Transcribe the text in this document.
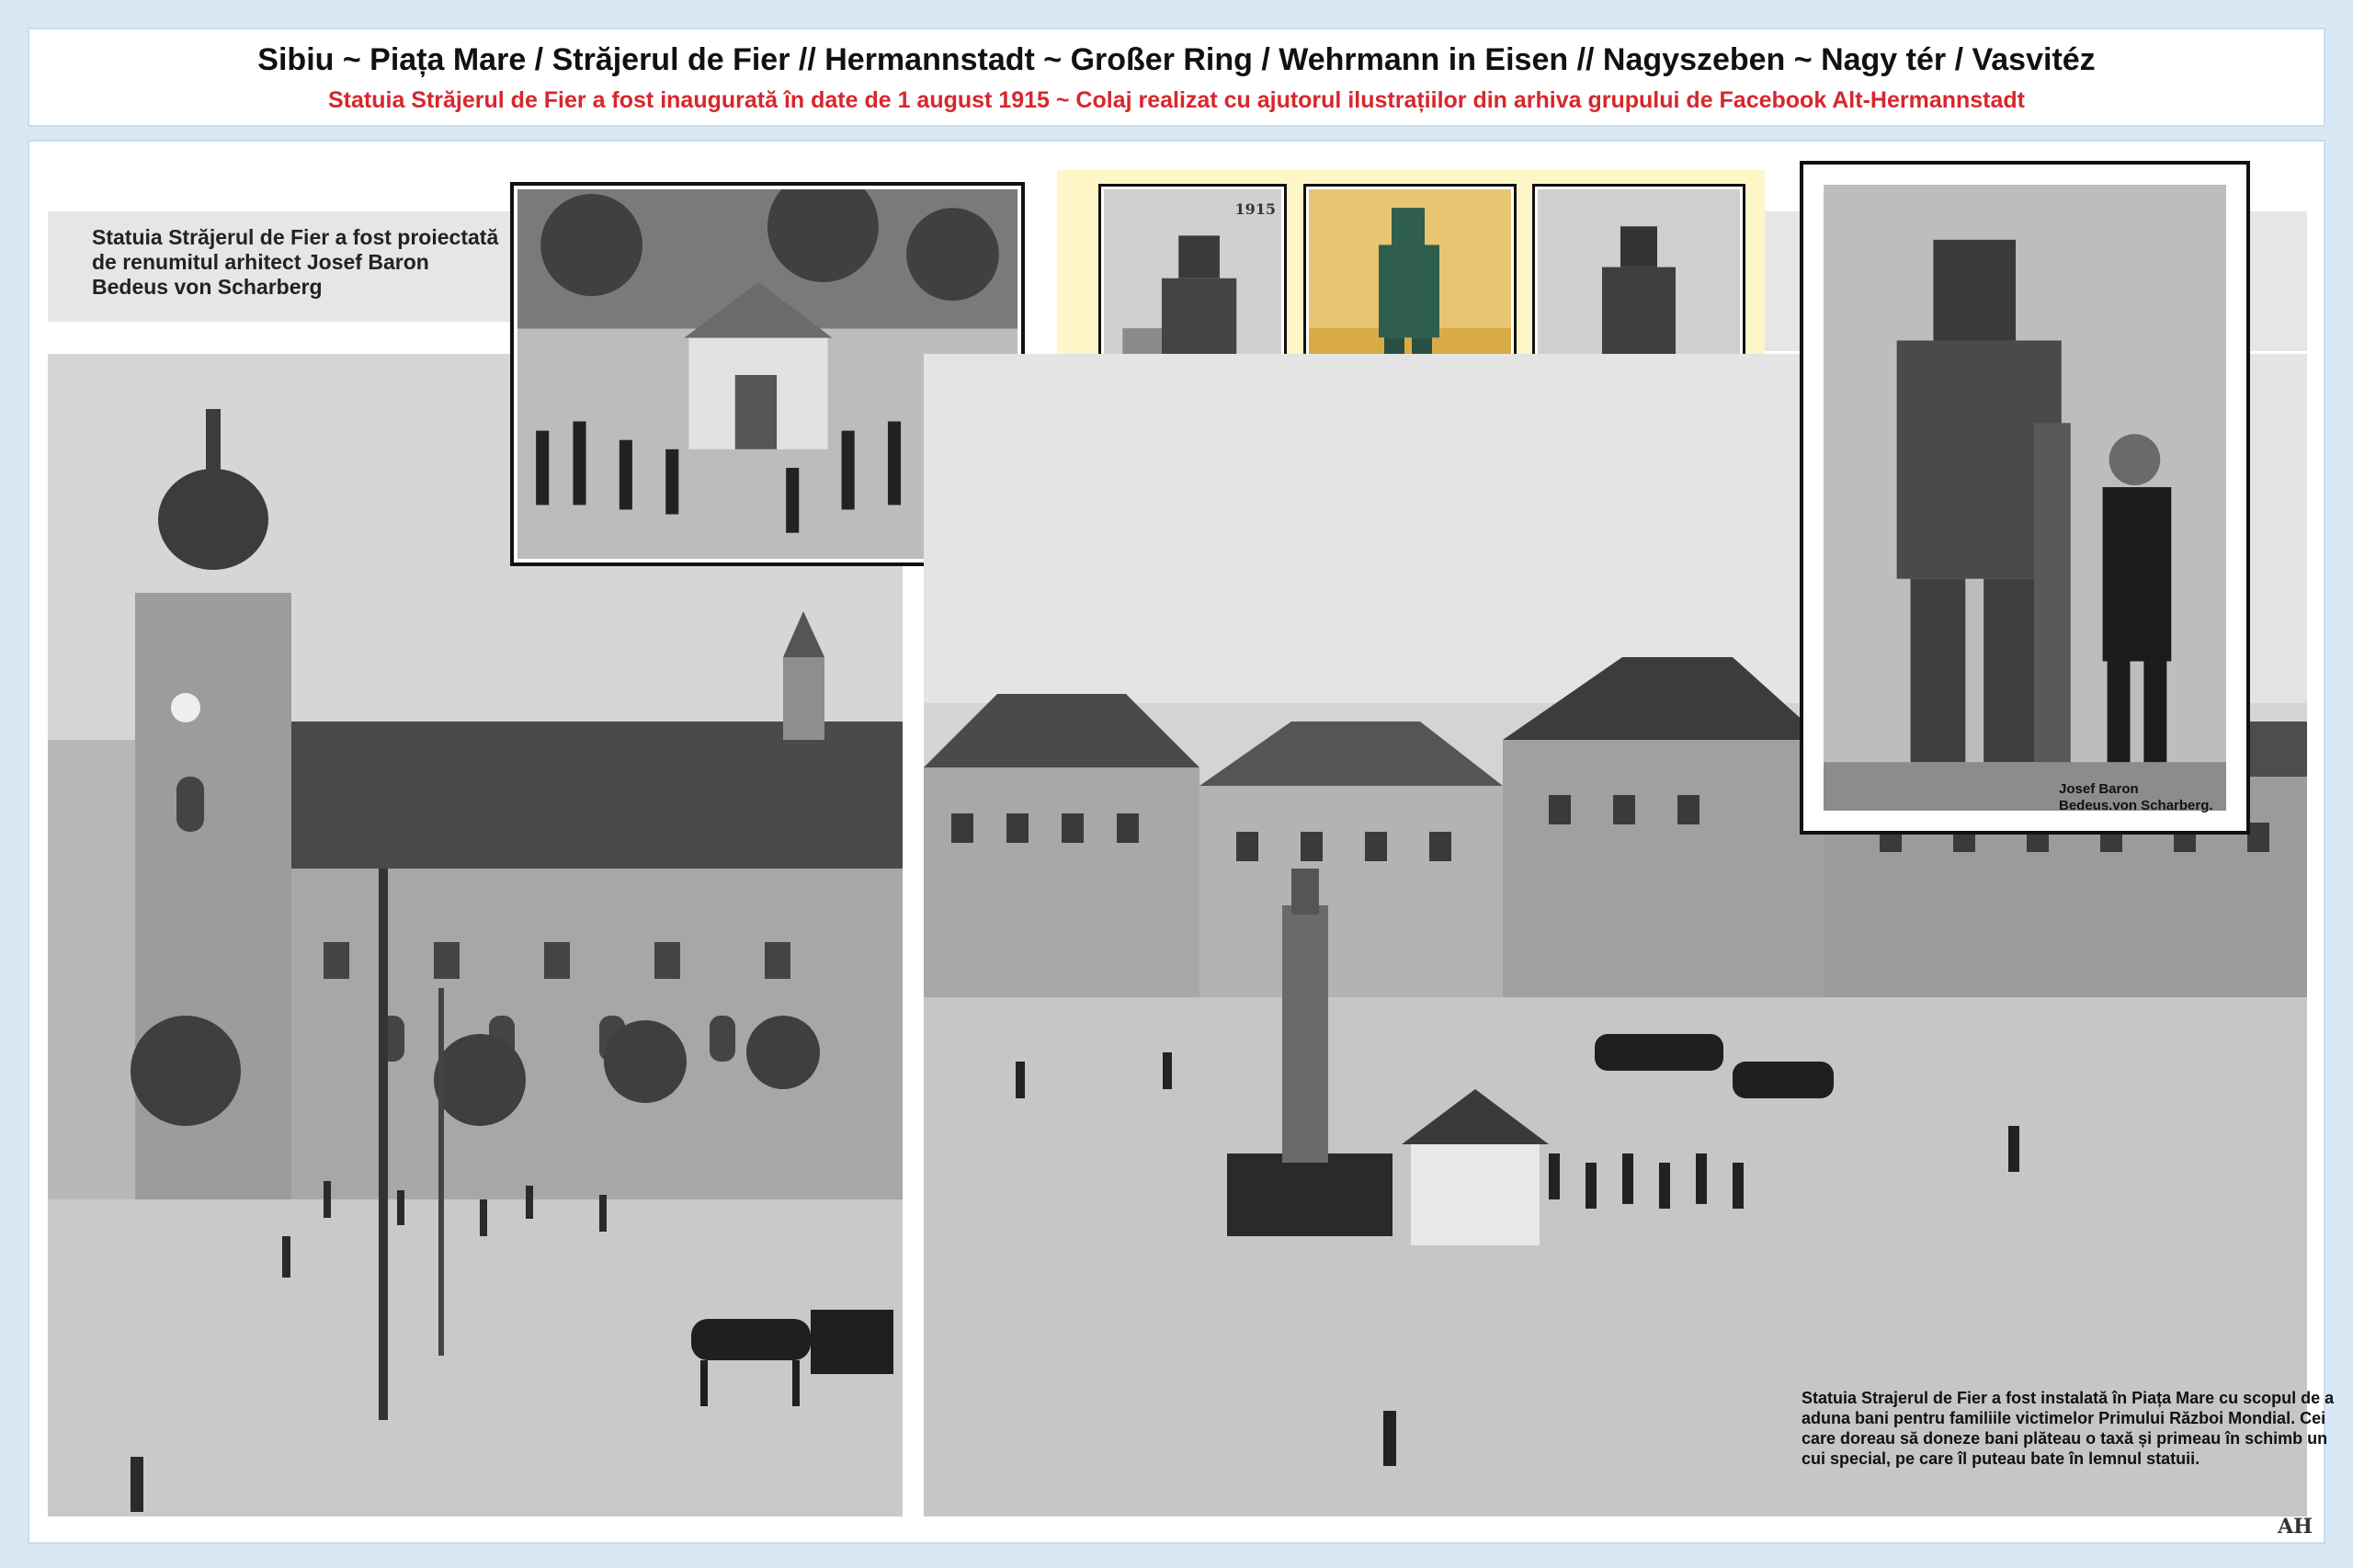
Sibiu ~ Piața Mare / Străjerul de Fier // Hermannstadt ~ Großer Ring / Wehrmann in Eisen // Nagyszeben ~ Nagy tér / Vasvitéz
Statuia Străjerul de Fier a fost inaugurată în date de 1 august 1915 ~ Colaj realizat cu ajutorul ilustrațiilor din arhiva grupului de Facebook Alt-Hermannstadt
Statuia Străjerul de Fier a fost proiectată de renumitul arhitect Josef Baron Bedeus von Scharberg
1915
Josef Baron
Bedeus.von Scharberg.
Statuia Strajerul de Fier a fost instalată în Piața Mare cu scopul de a aduna bani pentru familiile victimelor Primului Război Mondial. Cei care doreau să doneze bani plăteau o taxă și primeau în schimb un cui special, pe care îl puteau bate în lemnul statuii.
AH
